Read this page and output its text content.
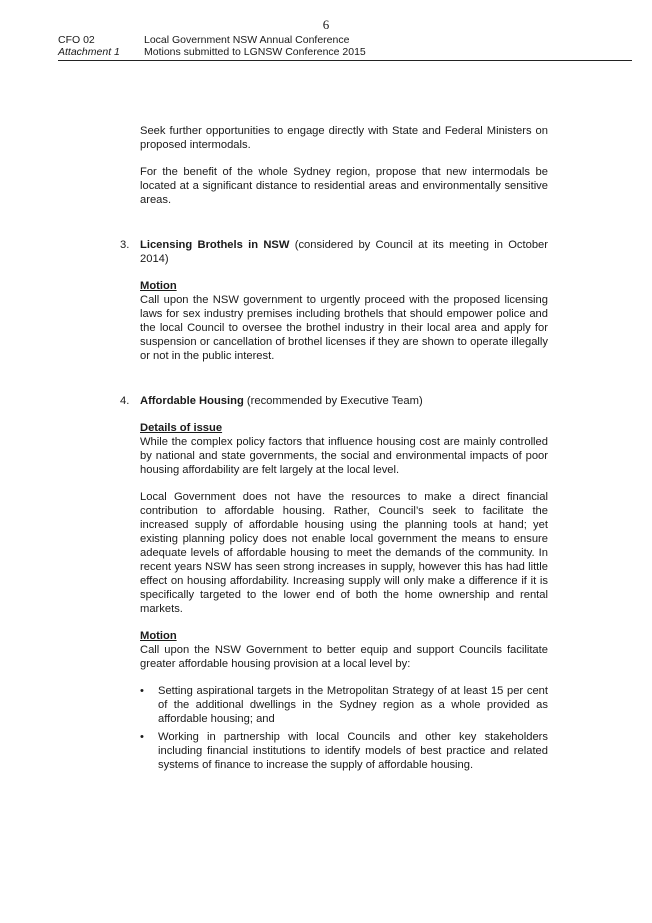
6
CFO 02
Attachment 1
Local Government NSW Annual Conference
Motions submitted to LGNSW Conference 2015

Seek further opportunities to engage directly with State and Federal Ministers on proposed intermodals.

For the benefit of the whole Sydney region, propose that new intermodals be located at a significant distance to residential areas and environmentally sensitive areas.

3. Licensing Brothels in NSW (considered by Council at its meeting in October 2014)

Motion

Call upon the NSW government to urgently proceed with the proposed licensing laws for sex industry premises including brothels that should empower police and the local Council to oversee the brothel industry in their local area and apply for suspension or cancellation of brothel licenses if they are shown to operate illegally or not in the public interest.

4. Affordable Housing (recommended by Executive Team)

Details of issue

While the complex policy factors that influence housing cost are mainly controlled by national and state governments, the social and environmental impacts of poor housing affordability are felt largely at the local level.

Local Government does not have the resources to make a direct financial contribution to affordable housing. Rather, Council’s seek to facilitate the increased supply of affordable housing using the planning tools at hand; yet existing planning policy does not enable local government the means to ensure adequate levels of affordable housing to meet the demands of the community. In recent years NSW has seen strong increases in supply, however this has had little effect on housing affordability. Increasing supply will only make a difference if it is specifically targeted to the lower end of both the home ownership and rental markets.

Motion

Call upon the NSW Government to better equip and support Councils facilitate greater affordable housing provision at a local level by:

• Setting aspirational targets in the Metropolitan Strategy of at least 15 per cent of the additional dwellings in the Sydney region as a whole provided as affordable housing; and
• Working in partnership with local Councils and other key stakeholders including financial institutions to identify models of best practice and related systems of finance to increase the supply of affordable housing.
